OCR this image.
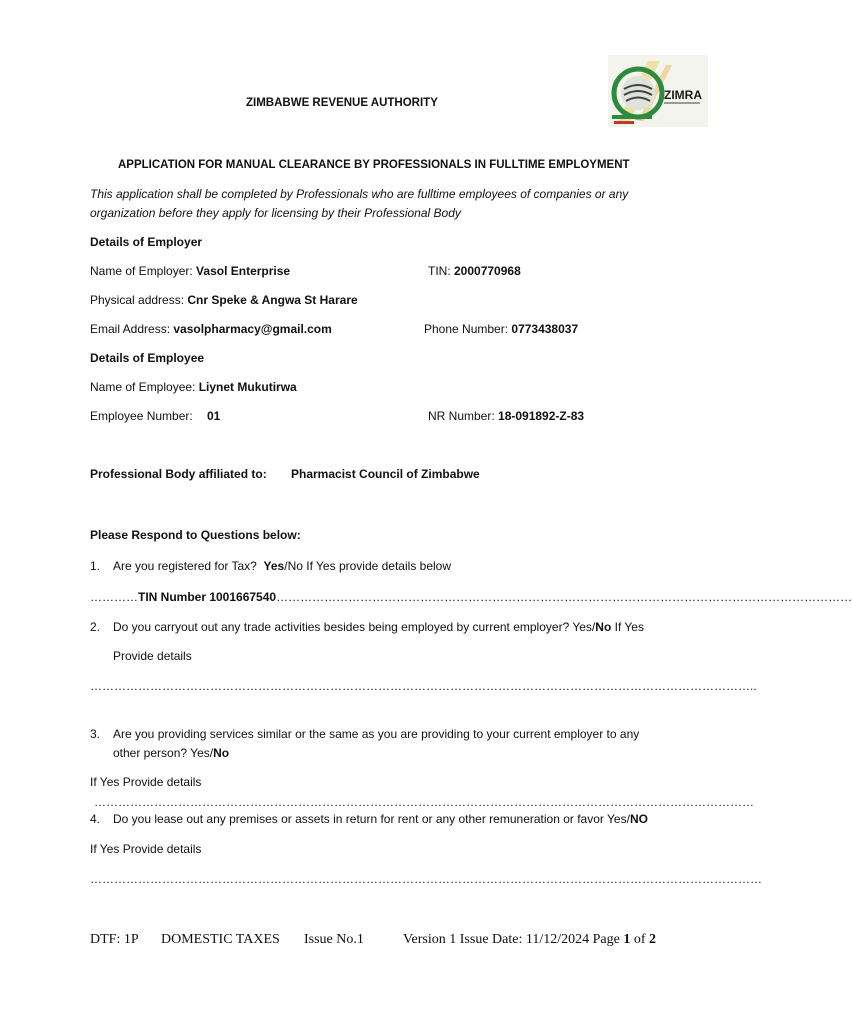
ZIMBABWE REVENUE AUTHORITY
ZIMRA
APPLICATION FOR MANUAL CLEARANCE BY PROFESSIONALS IN FULLTIME EMPLOYMENT
This application shall be completed by Professionals who are fulltime employees of companies or any
organization before they apply for licensing by their Professional Body
Details of Employer
Name of Employer: Vasol Enterprise	TIN: 2000770968
Physical address: Cnr Speke & Angwa St Harare
Email Address: vasolpharmacy@gmail.com	Phone Number: 0773438037
Details of Employee
Name of Employee: Liynet Mukutirwa
Employee Number: 01	NR Number: 18-091892-Z-83
Professional Body affiliated to: Pharmacist Council of Zimbabwe
Please Respond to Questions below:
1. Are you registered for Tax? Yes/No If Yes provide details below
…………TIN Number 1001667540………………………………………………………………………………………………………………………………
2. Do you carryout out any trade activities besides being employed by current employer? Yes/No If Yes
Provide details
…………………………………………………………………………………………………………………………………………………..
3. Are you providing services similar or the same as you are providing to your current employer to any
other person? Yes/No
If Yes Provide details
…………………………………………………………………………………………………………………………………………………
4. Do you lease out any premises or assets in return for rent or any other remuneration or favor Yes/NO
If Yes Provide details
……………………………………………………………………………………………………………………………………………………
DTF: 1P DOMESTIC TAXES Issue No.1	Version 1 Issue Date: 11/12/2024 Page 1 of 2
